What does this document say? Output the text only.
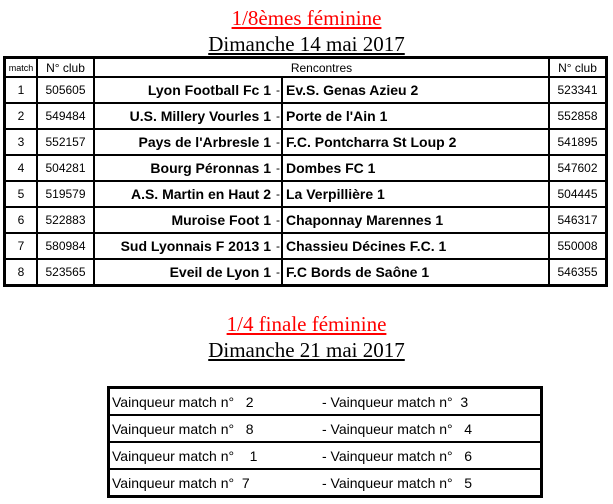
1/8èmes féminine
Dimanche 14 mai 2017
match	N° club	Rencontres			N° club
1	505605	Lyon Football Fc 1	-	Ev.S. Genas Azieu 2	523341
2	549484	U.S. Millery Vourles 1	-	Porte de l'Ain 1	552858
3	552157	Pays de l'Arbresle 1	-	F.C. Pontcharra St Loup 2	541895
4	504281	Bourg Péronnas 1	-	Dombes FC 1	547602
5	519579	A.S. Martin en Haut 2	-	La Verpillière 1	504445
6	522883	Muroise Foot 1	-	Chaponnay Marennes 1	546317
7	580984	Sud Lyonnais F 2013 1	-	Chassieu Décines F.C. 1	550008
8	523565	Eveil de Lyon 1	-	F.C Bords de Saône 1	546355
1/4 finale féminine
Dimanche 21 mai 2017
Vainqueur match n°   2	- Vainqueur match n°  3
Vainqueur match n°   8	- Vainqueur match n°   4
Vainqueur match n°    1	- Vainqueur match n°   6
Vainqueur match n°  7	- Vainqueur match n°   5
